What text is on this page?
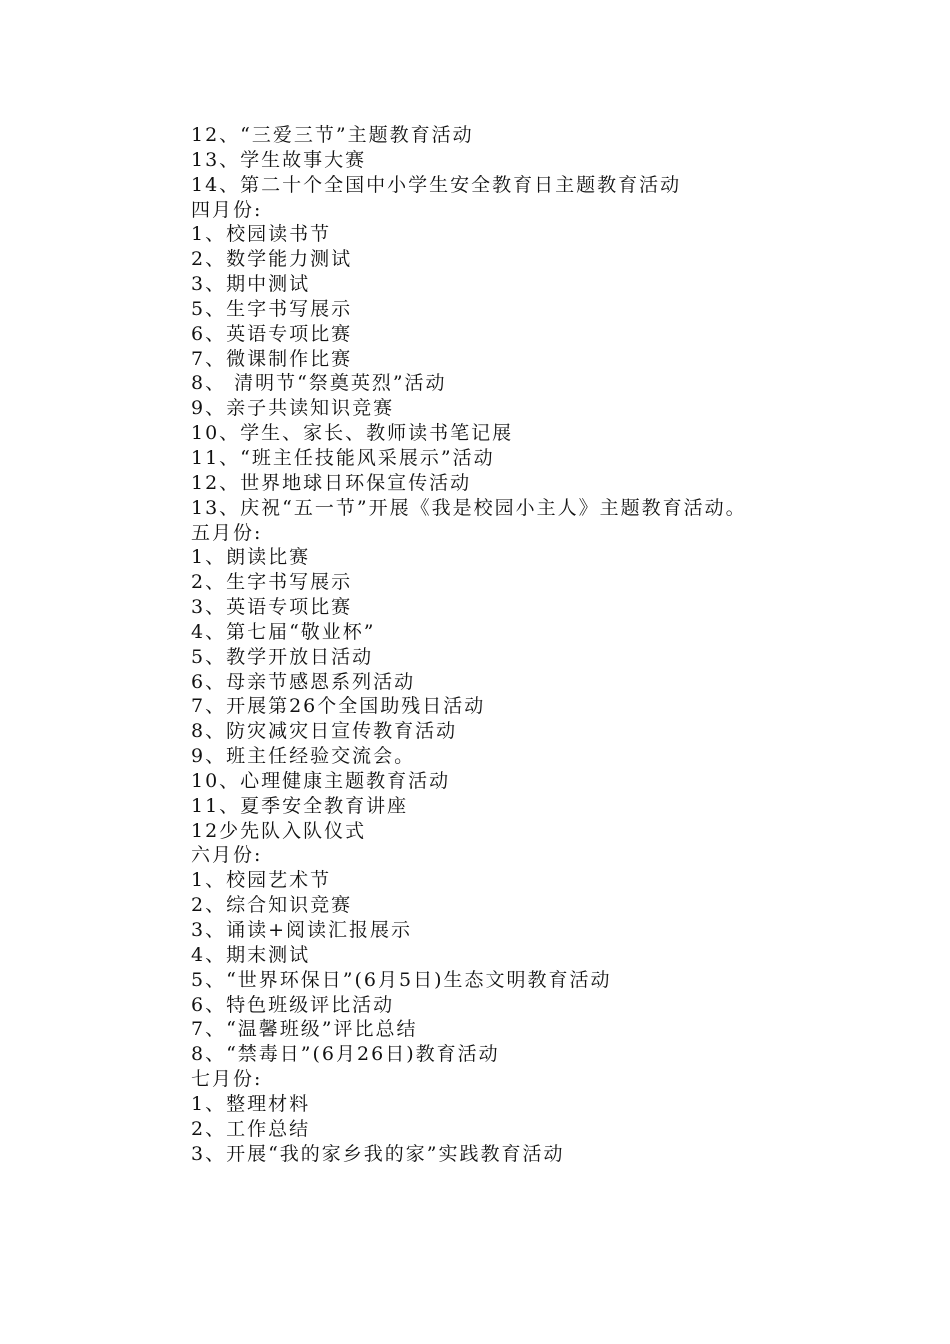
12、“三爱三节”主题教育活动
13、学生故事大赛
14、第二十个全国中小学生安全教育日主题教育活动
四月份:
1、校园读书节
2、数学能力测试
3、期中测试
5、生字书写展示
6、英语专项比赛
7、微课制作比赛
8、 清明节“祭奠英烈”活动
9、亲子共读知识竞赛
10、学生、家长、教师读书笔记展
11、“班主任技能风采展示”活动
12、世界地球日环保宣传活动
13、庆祝“五一节”开展《我是校园小主人》主题教育活动。
五月份:
1、朗读比赛
2、生字书写展示
3、英语专项比赛
4、第七届“敬业杯”
5、教学开放日活动
6、母亲节感恩系列活动
7、开展第26个全国助残日活动
8、防灾减灾日宣传教育活动
9、班主任经验交流会。
10、心理健康主题教育活动
11、夏季安全教育讲座
12少先队入队仪式
六月份:
1、校园艺术节
2、综合知识竞赛
3、诵读+阅读汇报展示
4、期末测试
5、“世界环保日”(6月5日)生态文明教育活动
6、特色班级评比活动
7、“温馨班级”评比总结
8、“禁毒日”(6月26日)教育活动
七月份:
1、整理材料
2、工作总结
3、开展“我的家乡我的家”实践教育活动
